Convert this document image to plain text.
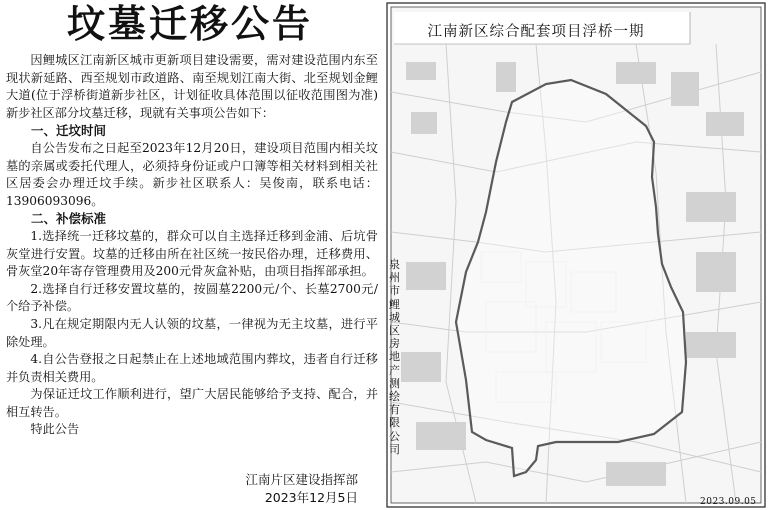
坟墓迁移公告

因鲤城区江南新区城市更新项目建设需要，需对建设范围内东至现状新延路、西至规划市政道路、南至规划江南大街、北至规划金鲤大道(位于浮桥街道新步社区，计划征收具体范围以征收范围图为准)新步社区部分坟墓迁移，现就有关事项公告如下：

一、迁坟时间

自公告发布之日起至2023年12月20日，建设项目范围内相关坟墓的亲属或委托代理人，必须持身份证或户口簿等相关材料到相关社区居委会办理迁坟手续。新步社区联系人：吴俊南，联系电话：13906093096。

二、补偿标准

1.选择统一迁移坟墓的，群众可以自主选择迁移到金浦、后坑骨灰堂进行安置。坟墓的迁移由所在社区统一按民俗办理，迁移费用、骨灰堂20年寄存管理费用及200元骨灰盒补贴，由项目指挥部承担。

2.选择自行迁移安置坟墓的，按圆墓2200元/个、长墓2700元/个给予补偿。

3.凡在规定期限内无人认领的坟墓，一律视为无主坟墓，进行平除处理。

4.自公告登报之日起禁止在上述地域范围内葬坟，违者自行迁移并负责相关费用。

为保证迁坟工作顺利进行，望广大居民能够给予支持、配合，并相互转告。

特此公告

江南片区建设指挥部
2023年12月5日
江南新区综合配套项目浮桥一期
泉州市鲤城区房地产测绘有限公司
2023.09.05
